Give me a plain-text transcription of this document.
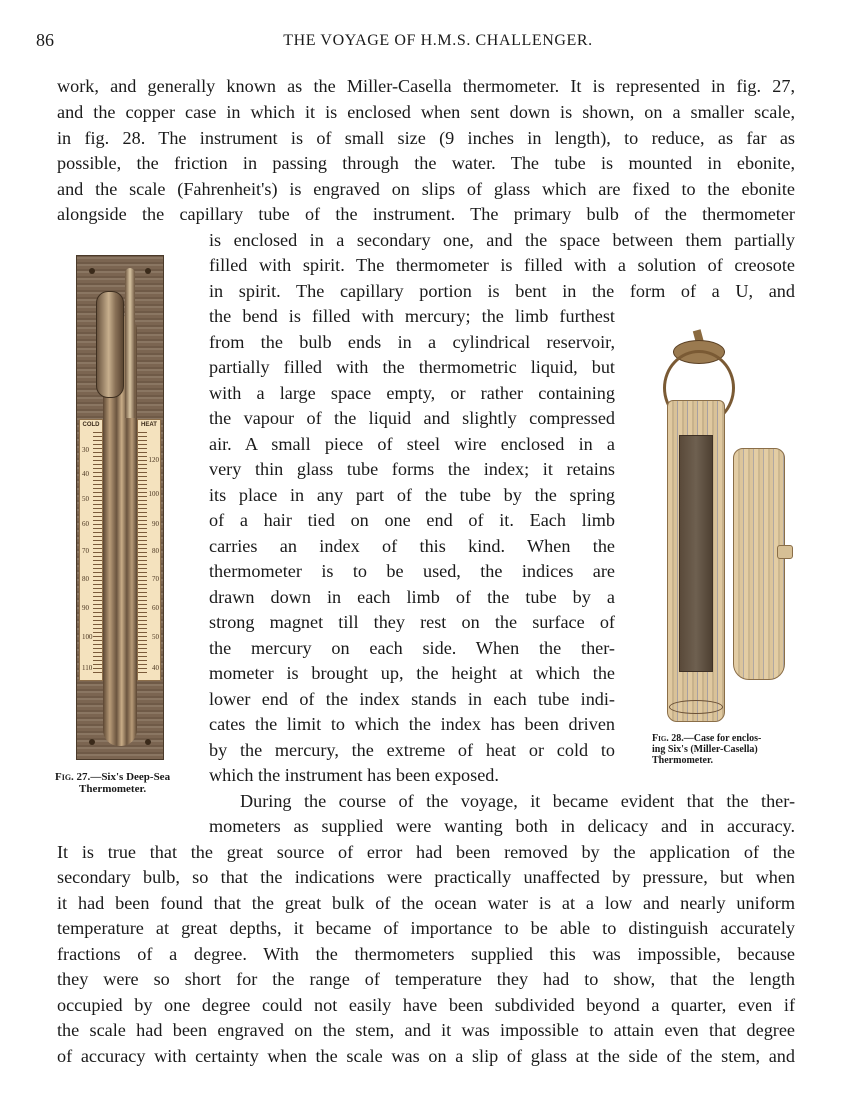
86	THE VOYAGE OF H.M.S. CHALLENGER.
work, and generally known as the Miller-Casella thermometer. It is represented in fig. 27,
and the copper case in which it is enclosed when sent down is shown, on a smaller scale,
in fig. 28. The instrument is of small size (9 inches in length), to reduce, as far as
possible, the friction in passing through the water. The tube is mounted in ebonite,
and the scale (Fahrenheit's) is engraved on slips of glass which are fixed to the ebonite
alongside the capillary tube of the instrument. The primary bulb of the thermometer
is enclosed in a secondary one, and the space between them partially
filled with spirit. The thermometer is filled with a solution of creosote
in spirit. The capillary portion is bent in the form of a U, and
the bend is filled with mercury; the limb furthest
from the bulb ends in a cylindrical reservoir,
partially filled with the thermometric liquid, but
with a large space empty, or rather containing
the vapour of the liquid and slightly compressed
air. A small piece of steel wire enclosed in a
very thin glass tube forms the index; it retains
its place in any part of the tube by the spring
of a hair tied on one end of it. Each limb
carries an index of this kind. When the
thermometer is to be used, the indices are
drawn down in each limb of the tube by a
strong magnet till they rest on the surface of
the mercury on each side. When the ther-
mometer is brought up, the height at which the
lower end of the index stands in each tube indi-
cates the limit to which the index has been driven
by the mercury, the extreme of heat or cold to
which the instrument has been exposed.
During the course of the voyage, it became evident that the ther-
mometers as supplied were wanting both in delicacy and in accuracy.
It is true that the great source of error had been removed by the application of the
secondary bulb, so that the indications were practically unaffected by pressure, but when
it had been found that the great bulk of the ocean water is at a low and nearly uniform
temperature at great depths, it became of importance to be able to distinguish accurately
fractions of a degree. With the thermometers supplied this was impossible, because
they were so short for the range of temperature they had to show, that the length
occupied by one degree could not easily have been subdivided beyond a quarter, even if
the scale had been engraved on the stem, and it was impossible to attain even that degree
of accuracy with certainty when the scale was on a slip of glass at the side of the stem, and
COLD
30
40
50
60
70
80
90
100
110
HEAT
120
100
90
80
70
60
50
40
Fig. 27.—Six's Deep-Sea
Thermometer.
Fig. 28.—Case for enclos-
ing Six's (Miller-Casella)
Thermometer.
